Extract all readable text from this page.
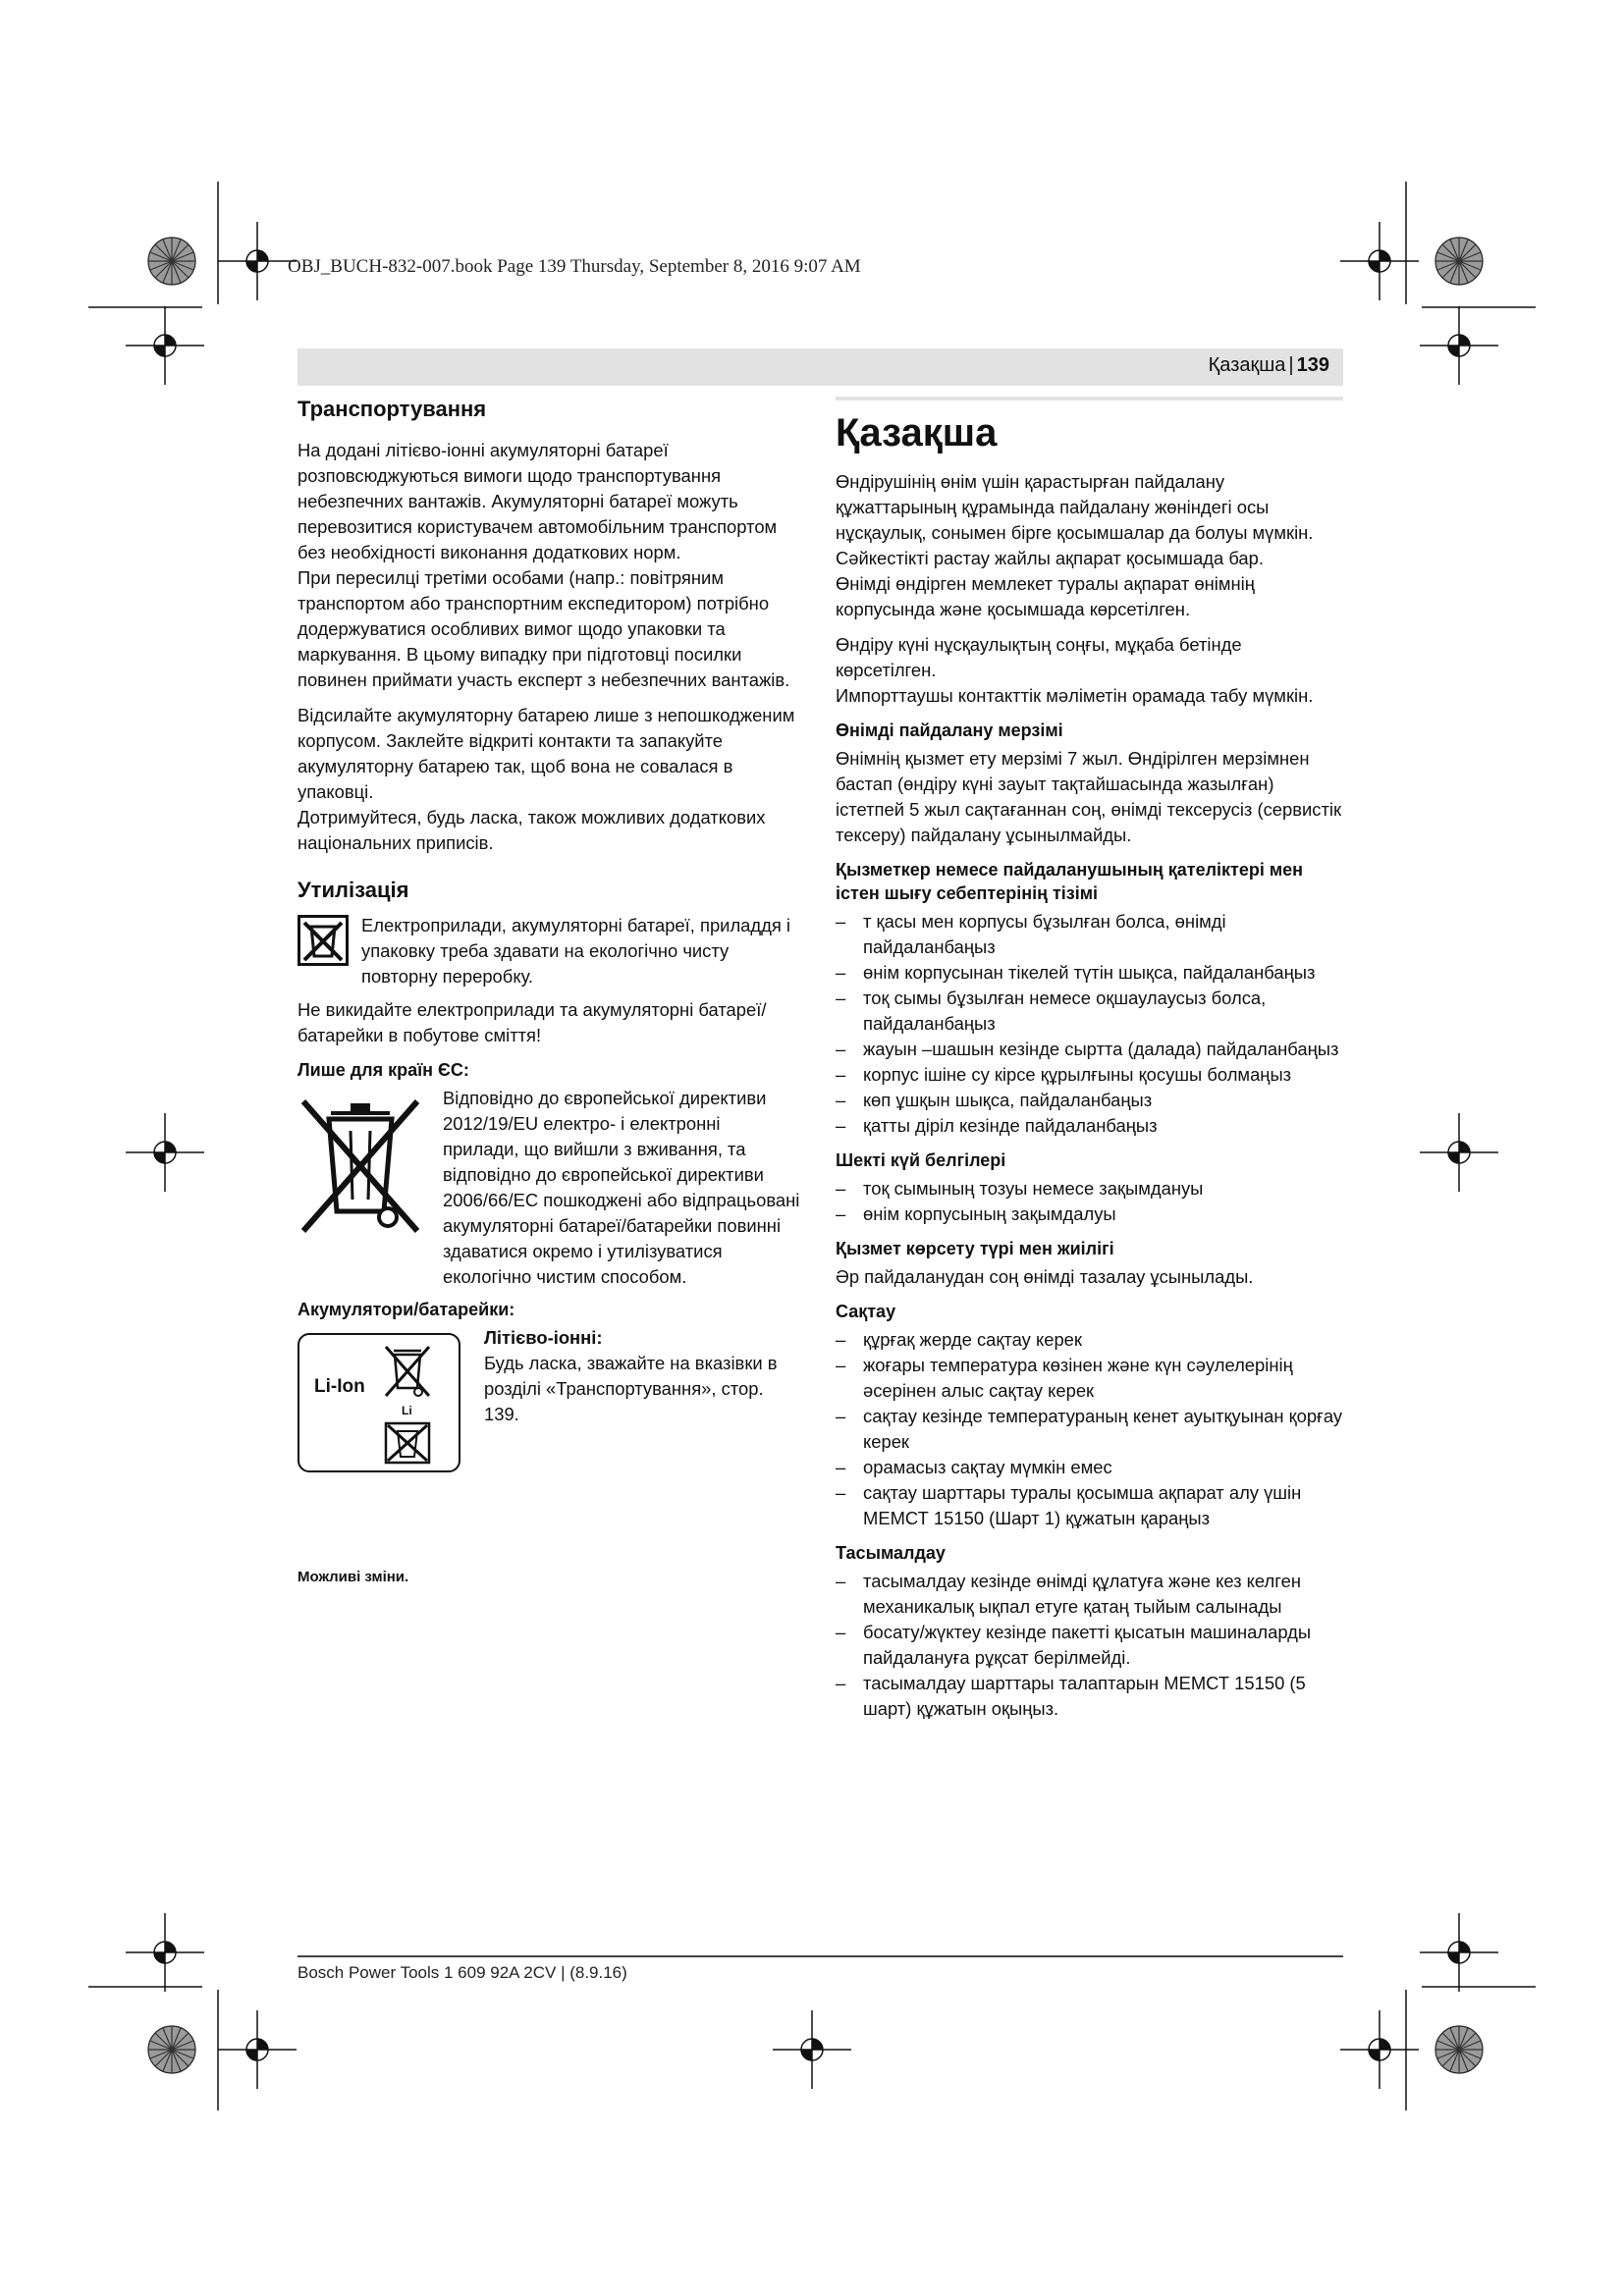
OBJ_BUCH-832-007.book Page 139 Thursday, September 8, 2016 9:07 AM
Қазақша | 139
Транспортування

На додані літієво-іонні акумуляторні батареї розповсюджуються вимоги щодо транспортування небезпечних вантажів. Акумуляторні батареї можуть перевозитися користувачем автомобільним транспортом без необхідності виконання додаткових норм.

При пересилці третіми особами (напр.: повітряним транспортом або транспортним експедитором) потрібно додержуватися особливих вимог щодо упаковки та маркування. В цьому випадку при підготовці посилки повинен приймати участь експерт з небезпечних вантажів.

Відсилайте акумуляторну батарею лише з непошкодженим корпусом. Заклейте відкриті контакти та запакуйте акумуляторну батарею так, щоб вона не совалася в упаковці.

Дотримуйтеся, будь ласка, також можливих додаткових національних приписів.

Утилізація
Електроприлади, акумуляторні батареї, приладдя і упаковку треба здавати на екологічно чисту повторну переробку.

Не викидайте електроприлади та акумуляторні батареї/батарейки в побутове сміття!

Лише для країн ЄС:
Відповідно до європейської директиви 2012/19/EU електро- і електронні прилади, що вийшли з вживання, та відповідно до європейської директиви 2006/66/EC пошкоджені або відпрацьовані акумуляторні батареї/батарейки повинні здаватися окремо і утилізуватися екологічно чистим способом.
Акумулятори/батарейки:
Li-Ion
Li
Літієво-іонні:
Будь ласка, зважайте на вказівки в розділі «Транспортування», стор. 139.
Можливі зміни.
Қазақша

Өндірушінің өнім үшін қарастырған пайдалану құжаттарының құрамында пайдалану жөніндегі осы нұсқаулық, сонымен бірге қосымшалар да болуы мүмкін.

Сәйкестікті растау жайлы ақпарат қосымшада бар.

Өнімді өндірген мемлекет туралы ақпарат өнімнің корпусында және қосымшада көрсетілген.

Өндіру күні нұсқаулықтың соңғы, мұқаба бетінде көрсетілген.

Импорттаушы контакттік мәліметін орамада табу мүмкін.

Өнімді пайдалану мерзімі

Өнімнің қызмет ету мерзімі 7 жыл. Өндірілген мерзімнен бастап (өндіру күні зауыт тақтайшасында жазылған) істетпей 5 жыл сақтағаннан соң, өнімді тексерусіз (сервистік тексеру) пайдалану ұсынылмайды.

Қызметкер немесе пайдаланушының қателіктері мен істен шығу себептерінің тізімі
– т қасы мен корпусы бұзылған болса, өнімді пайдаланбаңыз
– өнім корпусынан тікелей түтін шықса, пайдаланбаңыз
– тоқ сымы бұзылған немесе оқшаулаусыз болса, пайдаланбаңыз
– жауын –шашын кезінде сыртта (далада) пайдаланбаңыз
– корпус ішіне су кірсе құрылғыны қосушы болмаңыз
– көп ұшқын шықса, пайдаланбаңыз
– қатты діріл кезінде пайдаланбаңыз
Шекті күй белгілері
– тоқ сымының тозуы немесе зақымдануы
– өнім корпусының зақымдалуы
Қызмет көрсету түрі мен жиілігі

Әр пайдаланудан соң өнімді тазалау ұсынылады.

Сақтау
– құрғақ жерде сақтау керек
– жоғары температура көзінен және күн сәулелерінің әсерінен алыс сақтау керек
– сақтау кезінде температураның кенет ауытқуынан қорғау керек
– орамасыз сақтау мүмкін емес
– сақтау шарттары туралы қосымша ақпарат алу үшін МЕМСТ 15150 (Шарт 1) құжатын қараңыз
Тасымалдау
– тасымалдау кезінде өнімді құлатуға және кез келген механикалық ықпал етуге қатаң тыйым салынады
– босату/жүктеу кезінде пакетті қысатын машиналарды пайдалануға рұқсат берілмейді.
– тасымалдау шарттары талаптарын МЕМСТ 15150 (5 шарт) құжатын оқыңыз.
Bosch Power Tools 1 609 92A 2CV | (8.9.16)
